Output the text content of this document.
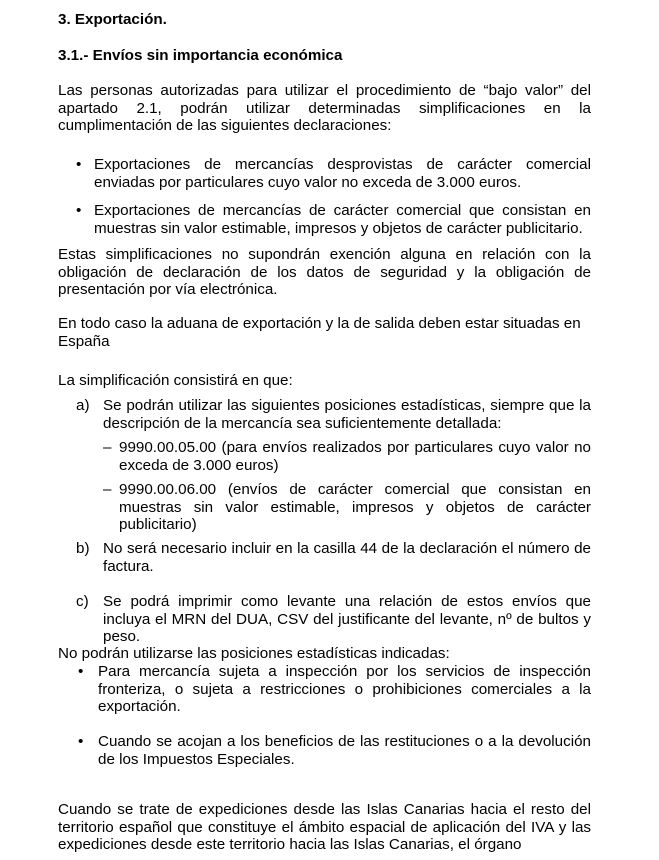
3. Exportación.
3.1.- Envíos sin importancia económica

Las personas autorizadas para utilizar el procedimiento de “bajo valor” del apartado 2.1, podrán utilizar determinadas simplificaciones en la cumplimentación de las siguientes declaraciones:

• Exportaciones de mercancías desprovistas de carácter comercial enviadas por particulares cuyo valor no exceda de 3.000 euros.

• Exportaciones de mercancías de carácter comercial que consistan en muestras sin valor estimable, impresos y objetos de carácter publicitario.

Estas simplificaciones no supondrán exención alguna en relación con la obligación de declaración de los datos de seguridad y la obligación de presentación por vía electrónica.

En todo caso la aduana de exportación y la de salida deben estar situadas en España

La simplificación consistirá en que:

a) Se podrán utilizar las siguientes posiciones estadísticas, siempre que la descripción de la mercancía sea suficientemente detallada:

– 9990.00.05.00 (para envíos realizados por particulares cuyo valor no exceda de 3.000 euros)

– 9990.00.06.00 (envíos de carácter comercial que consistan en muestras sin valor estimable, impresos y objetos de carácter publicitario)

b) No será necesario incluir en la casilla 44 de la declaración el número de factura.

c) Se podrá imprimir como levante una relación de estos envíos que incluya el MRN del DUA, CSV del justificante del levante, nº de bultos y peso.

No podrán utilizarse las posiciones estadísticas indicadas:

• Para mercancía sujeta a inspección por los servicios de inspección fronteriza, o sujeta a restricciones o prohibiciones comerciales a la exportación.

• Cuando se acojan a los beneficios de las restituciones o a la devolución de los Impuestos Especiales.

Cuando se trate de expediciones desde las Islas Canarias hacia el resto del territorio español que constituye el ámbito espacial de aplicación del IVA y las expediciones desde este territorio hacia las Islas Canarias, el órgano
